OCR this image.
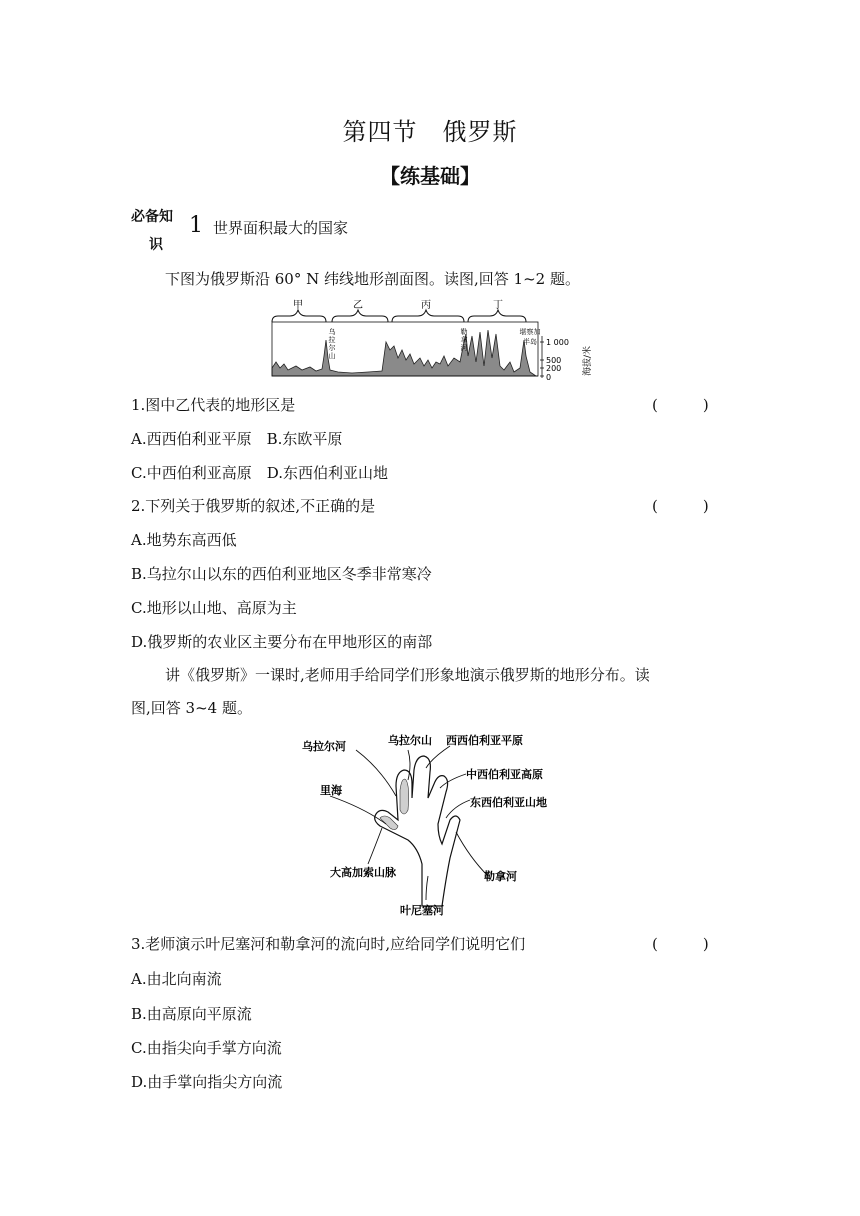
第四节　俄罗斯
【练基础】
必备知
识
1 世界面积最大的国家
下图为俄罗斯沿 60° N 纬线地形剖面图。读图,回答 1~2 题。
甲	乙	丙	丁
乌
拉
尔
山
勒
拿
河
堪察加
半岛 1 000
500
200
0
海拔/米
1.图中乙代表的地形区是	(　　　)
A.西西伯利亚平原　B.东欧平原
C.中西伯利亚高原　D.东西伯利亚山地
2.下列关于俄罗斯的叙述,不正确的是	(　　　)
A.地势东高西低
B.乌拉尔山以东的西伯利亚地区冬季非常寒冷
C.地形以山地、高原为主
D.俄罗斯的农业区主要分布在甲地形区的南部
讲《俄罗斯》一课时,老师用手给同学们形象地演示俄罗斯的地形分布。读
图,回答 3~4 题。
乌拉尔河	乌拉尔山 西西伯利亚平原
中西伯利亚高原
东西伯利亚山地
里海
大高加索山脉	勒拿河
叶尼塞河
3.老师演示叶尼塞河和勒拿河的流向时,应给同学们说明它们	(　　　)
A.由北向南流
B.由高原向平原流
C.由指尖向手掌方向流
D.由手掌向指尖方向流
